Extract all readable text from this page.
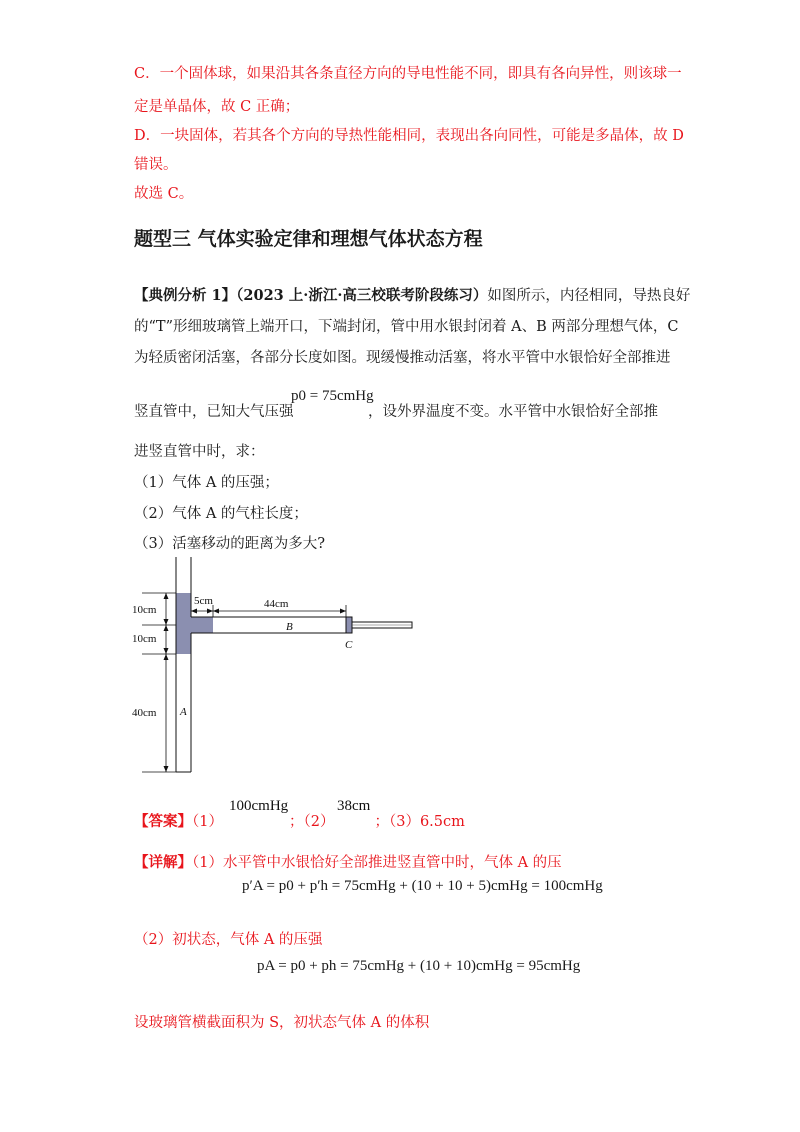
C．一个固体球，如果沿其各条直径方向的导电性能不同，即具有各向异性，则该球一
定是单晶体，故 C 正确；
D．一块固体，若其各个方向的导热性能相同，表现出各向同性，可能是多晶体，故 D
错误。
故选 C。
题型三 气体实验定律和理想气体状态方程
【典例分析 1】（2023 上·浙江·高三校联考阶段练习）如图所示，内径相同，导热良好
的“T”形细玻璃管上端开口，下端封闭，管中用水银封闭着 A、B 两部分理想气体，C
为轻质密闭活塞，各部分长度如图。现缓慢推动活塞，将水平管中水银恰好全部推进
竖直管中，已知大气压强
p0 = 75cmHg
，设外界温度不变。水平管中水银恰好全部推
进竖直管中时，求：
（1）气体 A 的压强；
（2）气体 A 的气柱长度；
（3）活塞移动的距离为多大?
5cm	44cm
10cm
10cm
40cm
B
A
C
【答案】（1）	；（2）	；（3）6.5cm
100cmHg	38cm
【详解】（1）水平管中水银恰好全部推进竖直管中时，气体 A 的压
p′A = p0 + p′h = 75cmHg + (10 + 10 + 5)cmHg = 100cmHg
（2）初状态，气体 A 的压强
pA = p0 + ph = 75cmHg + (10 + 10)cmHg = 95cmHg
设玻璃管横截面积为 S，初状态气体 A 的体积
